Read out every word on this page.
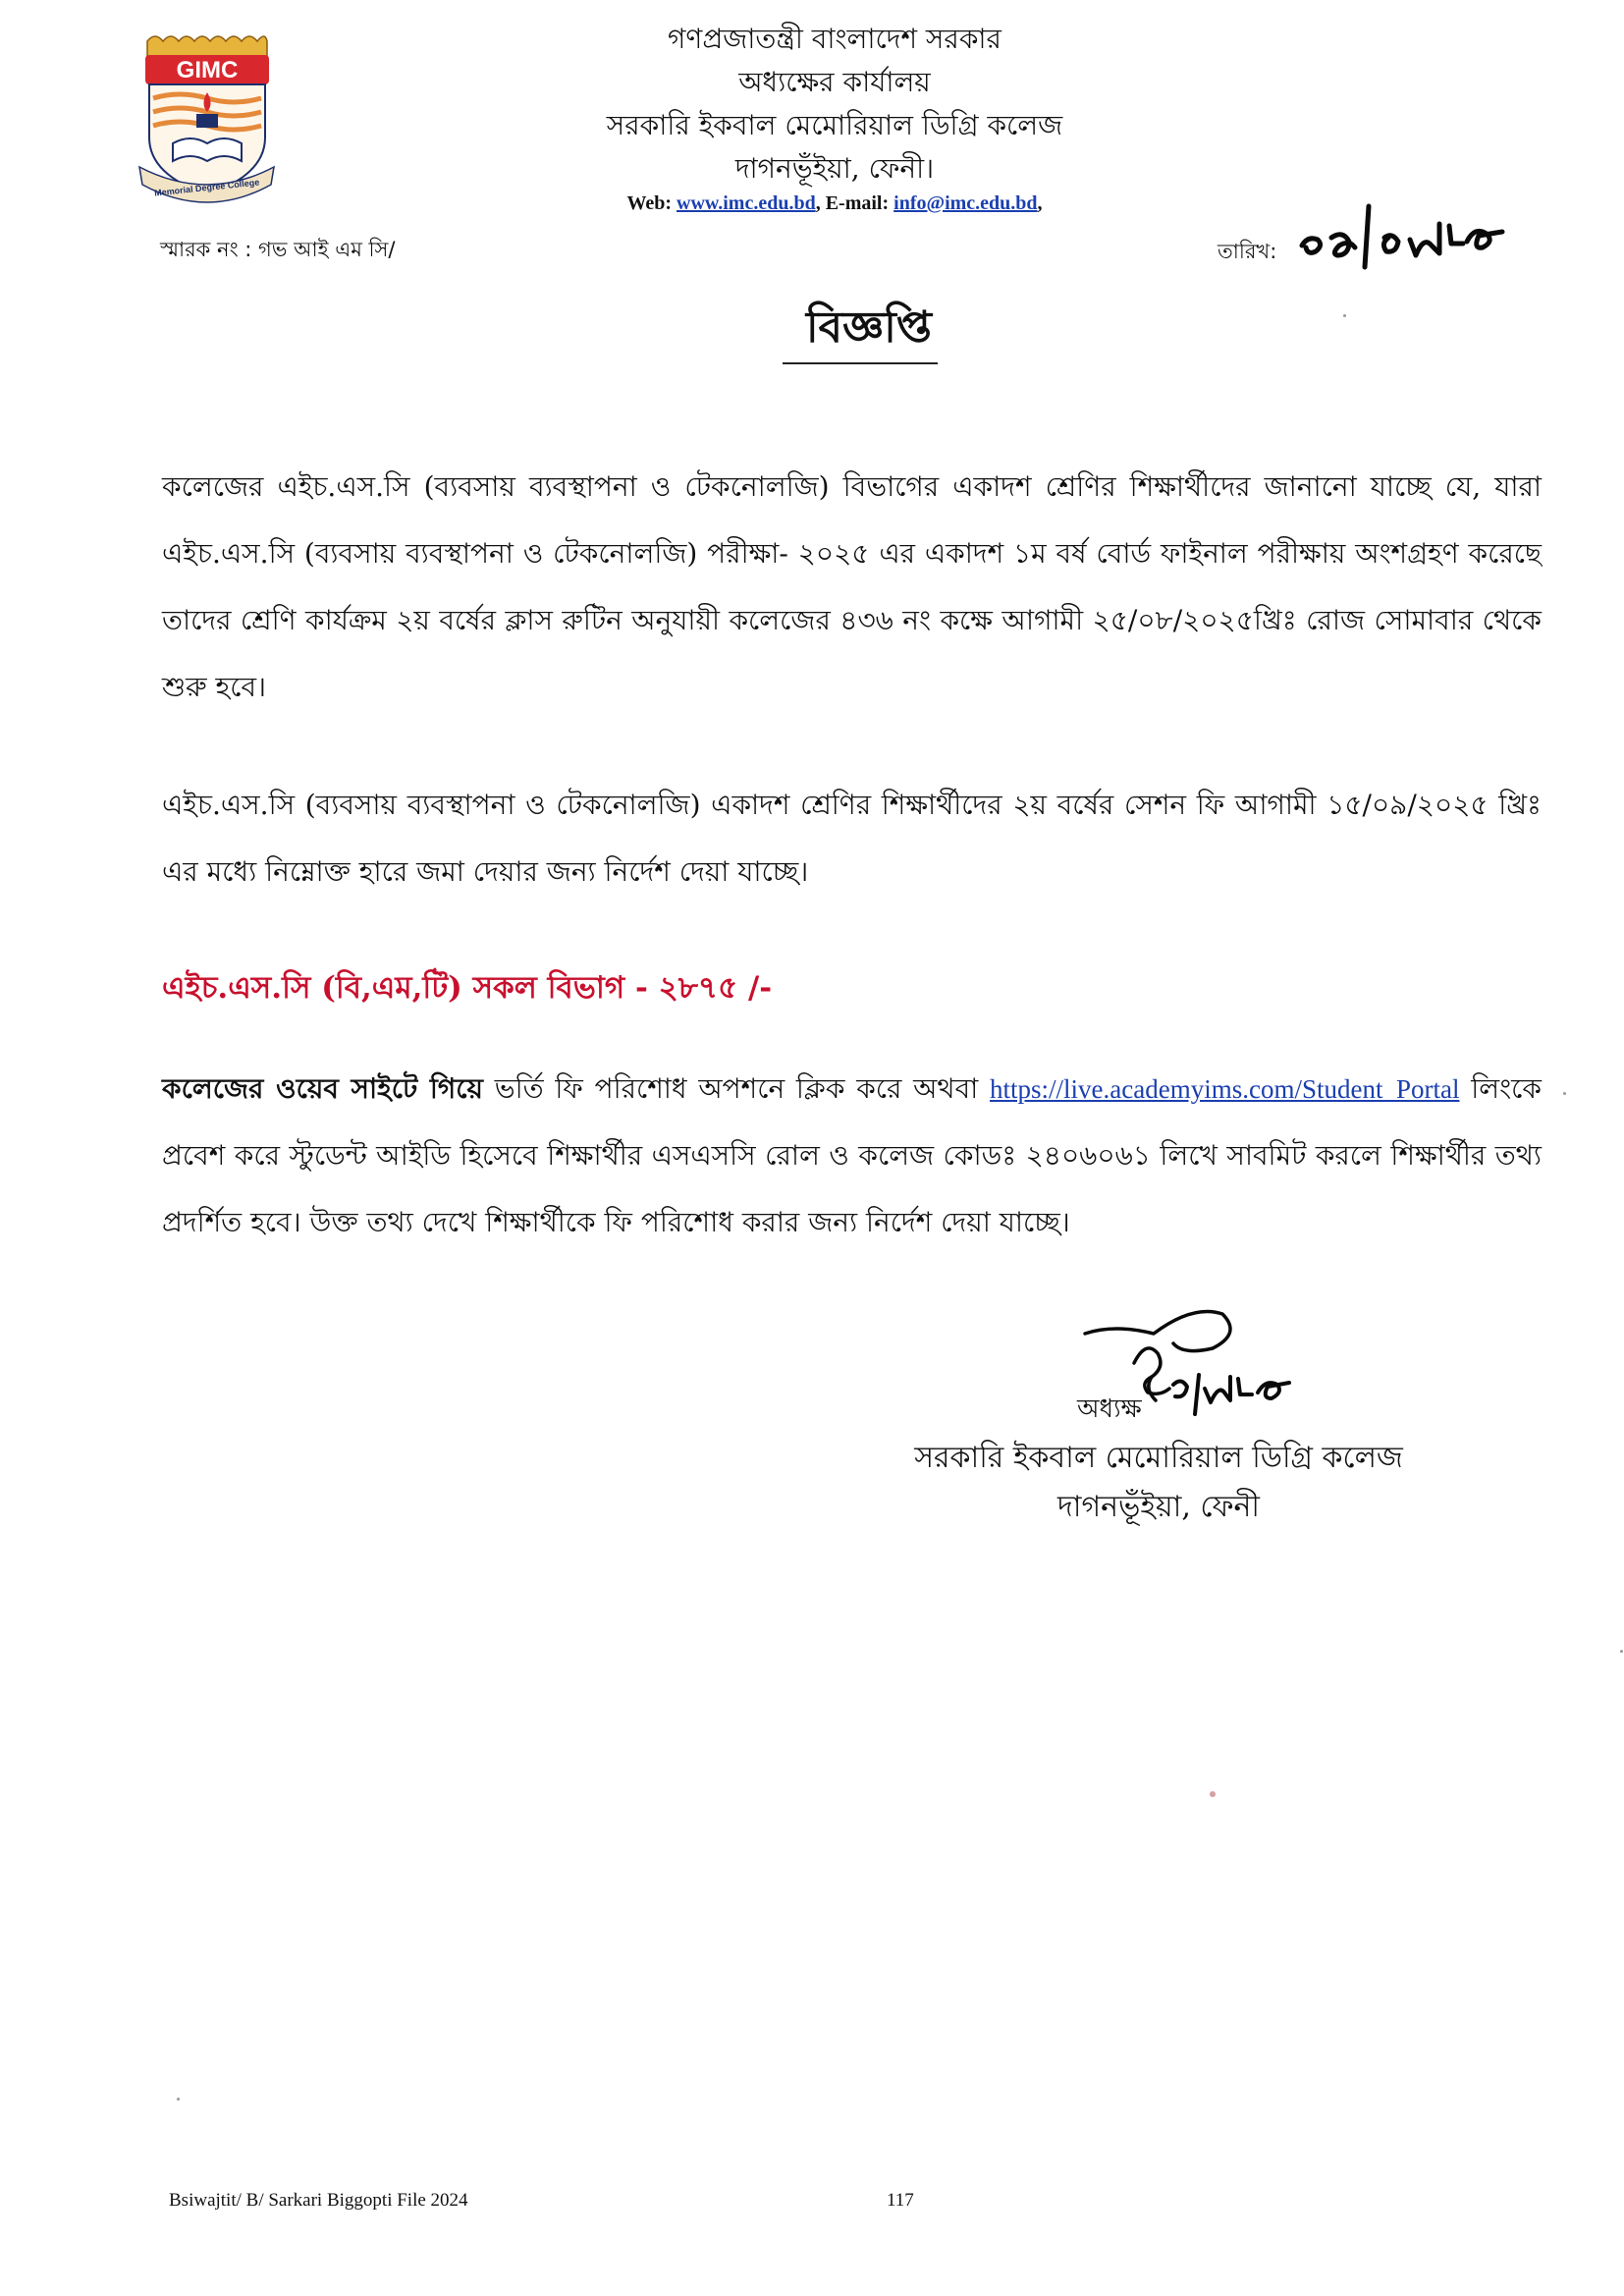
GIMC
Memorial Degree College
গণপ্রজাতন্ত্রী বাংলাদেশ সরকার
অধ্যক্ষের কার্যালয়
সরকারি ইকবাল মেমোরিয়াল ডিগ্রি কলেজ
দাগনভূঁইয়া, ফেনী।
Web: www.imc.edu.bd, E-mail: info@imc.edu.bd,
স্মারক নং : গভ আই এম সি/	তারিখ:
বিজ্ঞপ্তি
কলেজের এইচ.এস.সি (ব্যবসায় ব্যবস্থাপনা ও টেকনোলজি) বিভাগের একাদশ শ্রেণির শিক্ষার্থীদের জানানো যাচ্ছে যে, যারা এইচ.এস.সি (ব্যবসায় ব্যবস্থাপনা ও টেকনোলজি) পরীক্ষা- ২০২৫ এর একাদশ ১ম বর্ষ বোর্ড ফাইনাল পরীক্ষায় অংশগ্রহণ করেছে তাদের শ্রেণি কার্যক্রম ২য় বর্ষের ক্লাস রুটিন অনুযায়ী কলেজের ৪৩৬ নং কক্ষে আগামী ২৫/০৮/২০২৫খ্রিঃ রোজ সোমাবার থেকে শুরু হবে।
এইচ.এস.সি (ব্যবসায় ব্যবস্থাপনা ও টেকনোলজি) একাদশ শ্রেণির শিক্ষার্থীদের ২য় বর্ষের সেশন ফি আগামী ১৫/০৯/২০২৫ খ্রিঃ এর মধ্যে নিম্নোক্ত হারে জমা দেয়ার জন্য নির্দেশ দেয়া যাচ্ছে।
এইচ.এস.সি (বি,এম,টি) সকল বিভাগ - ২৮৭৫ /-
কলেজের ওয়েব সাইটে গিয়ে ভর্তি ফি পরিশোধ অপশনে ক্লিক করে অথবা https://live.academyims.com/Student_Portal লিংকে প্রবেশ করে স্টুডেন্ট আইডি হিসেবে শিক্ষার্থীর এসএসসি রোল ও কলেজ কোডঃ ২৪০৬০৬১ লিখে সাবমিট করলে শিক্ষার্থীর তথ্য প্রদর্শিত হবে। উক্ত তথ্য দেখে শিক্ষার্থীকে ফি পরিশোধ করার জন্য নির্দেশ দেয়া যাচ্ছে।
অধ্যক্ষ
সরকারি ইকবাল মেমোরিয়াল ডিগ্রি কলেজ
দাগনভূঁইয়া, ফেনী
Bsiwajtit/ B/ Sarkari Biggopti File 2024	117
